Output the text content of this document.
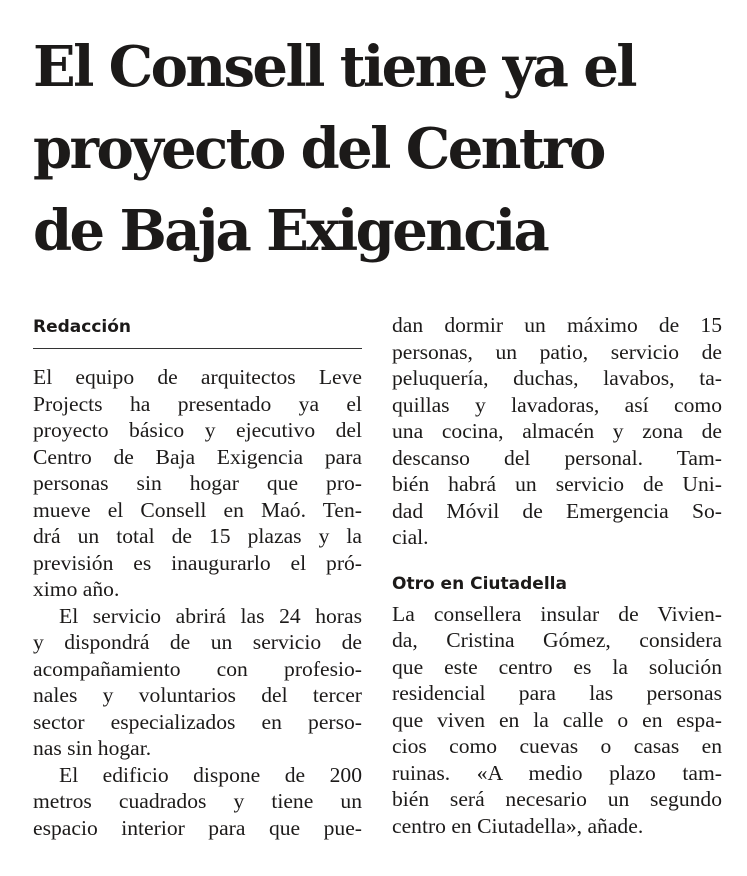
El Consell tiene ya el
proyecto del Centro
de Baja Exigencia
Redacción

El equipo de arquitectos Leve
Projects ha presentado ya el
proyecto básico y ejecutivo del
Centro de Baja Exigencia para
personas sin hogar que pro-
mueve el Consell en Maó. Ten-
drá un total de 15 plazas y la
previsión es inaugurarlo el pró-
ximo año.

El servicio abrirá las 24 horas
y dispondrá de un servicio de
acompañamiento con profesio-
nales y voluntarios del tercer
sector especializados en perso-
nas sin hogar.

El edificio dispone de 200
metros cuadrados y tiene un
espacio interior para que pue-

dan dormir un máximo de 15
personas, un patio, servicio de
peluquería, duchas, lavabos, ta-
quillas y lavadoras, así como
una cocina, almacén y zona de
descanso del personal. Tam-
bién habrá un servicio de Uni-
dad Móvil de Emergencia So-
cial.

Otro en Ciutadella

La consellera insular de Vivien-
da, Cristina Gómez, considera
que este centro es la solución
residencial para las personas
que viven en la calle o en espa-
cios como cuevas o casas en
ruinas. «A medio plazo tam-
bién será necesario un segundo
centro en Ciutadella», añade.
